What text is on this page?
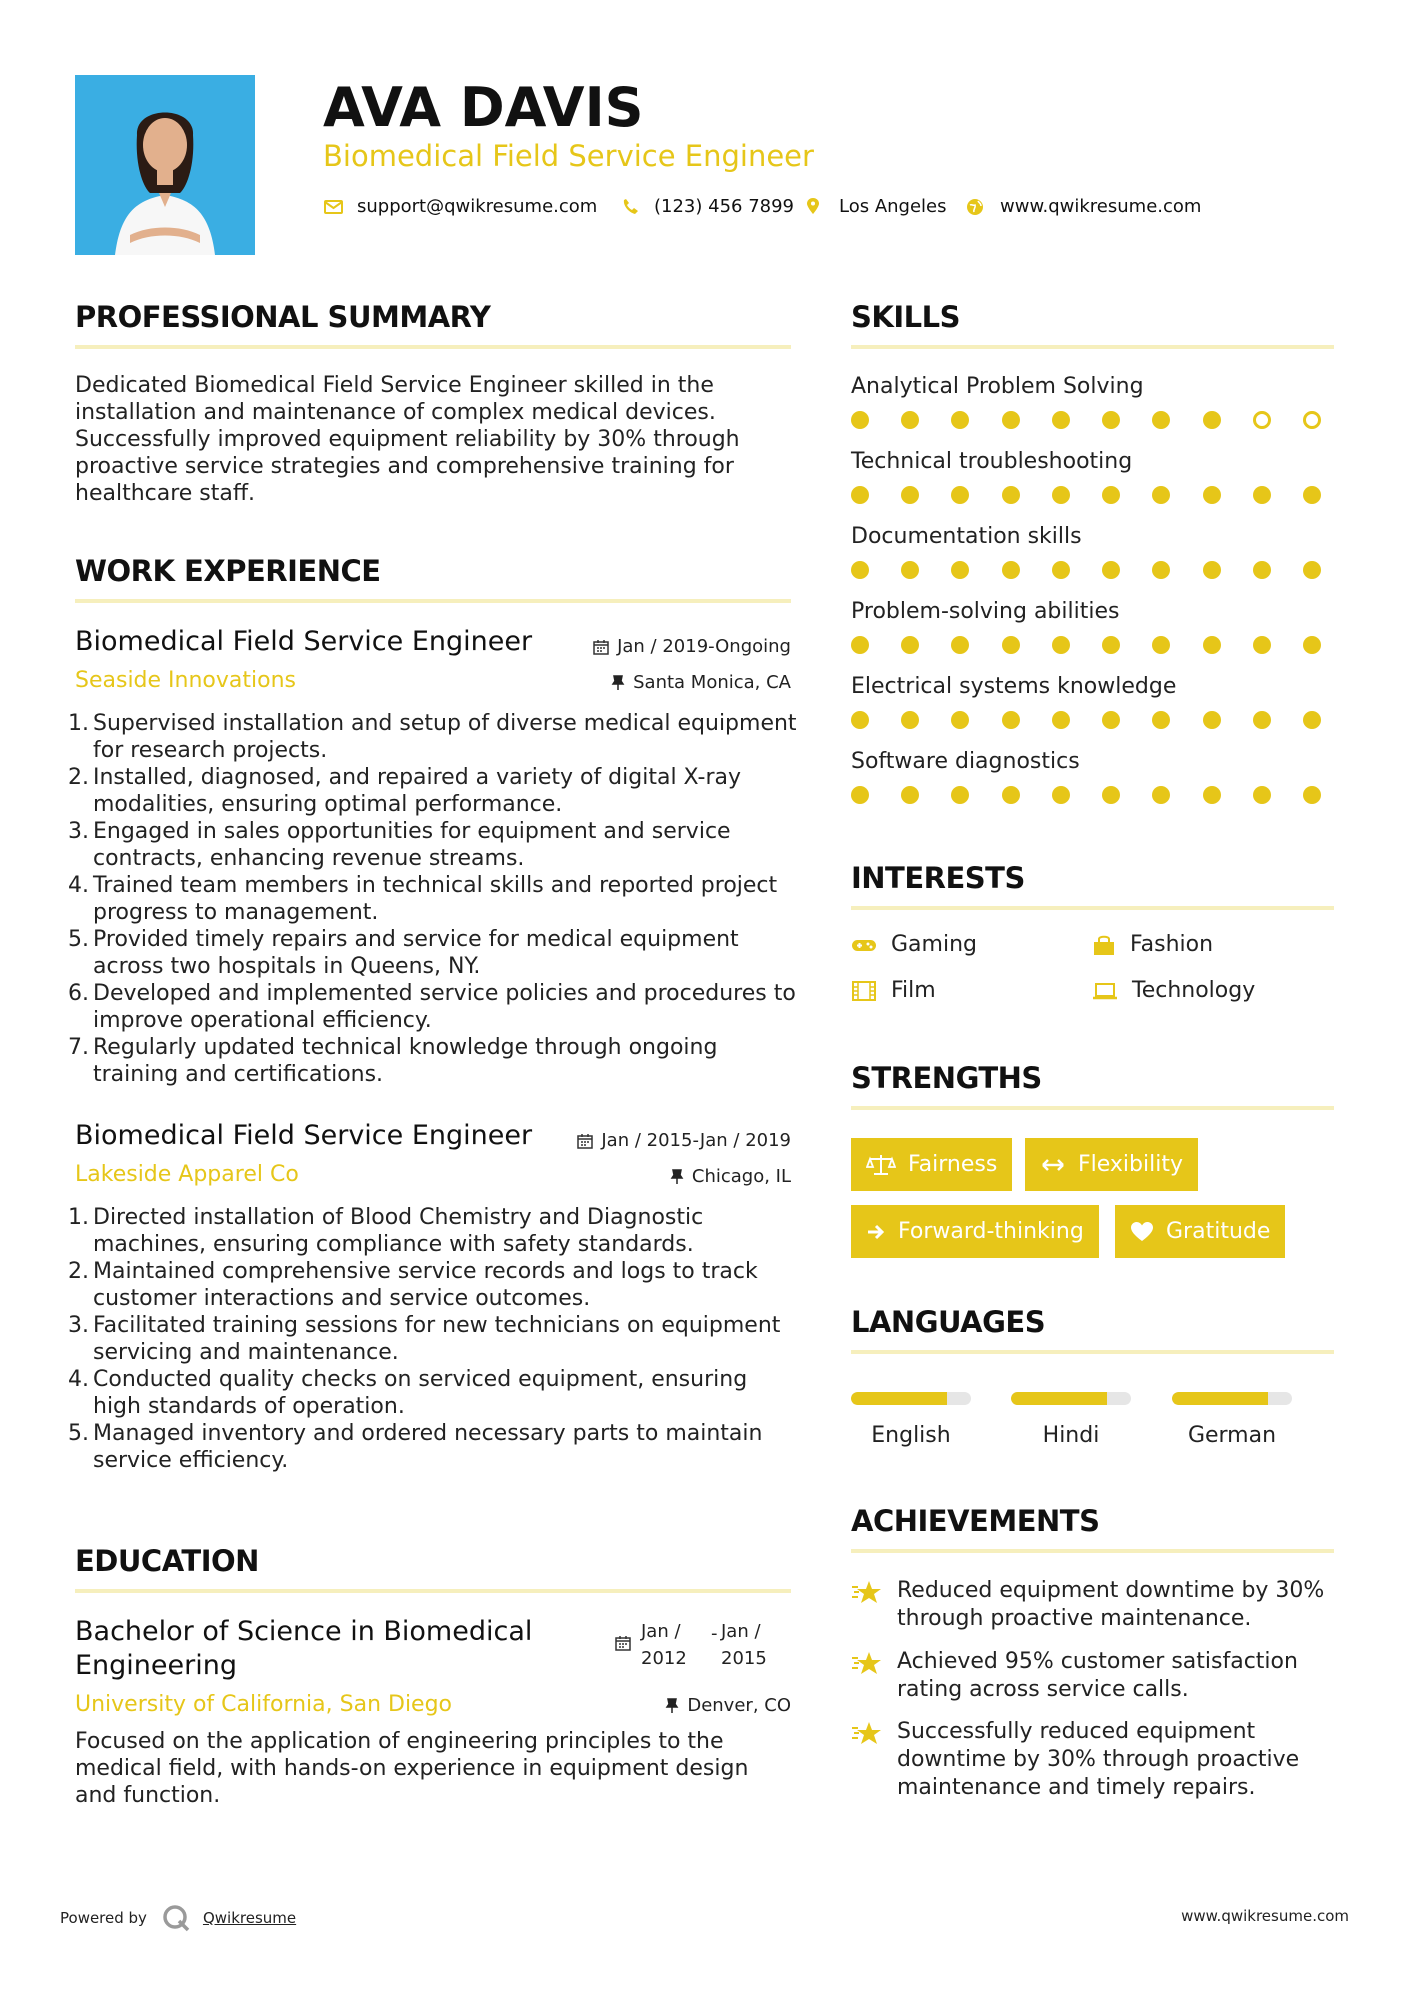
AVA DAVIS
Biomedical Field Service Engineer
support@qwikresume.com	(123) 456 7899 Los Angeles	www.qwikresume.com
PROFESSIONAL SUMMARY
Dedicated Biomedical Field Service Engineer skilled in the installation and maintenance of complex medical devices. Successfully improved equipment reliability by 30% through proactive service strategies and comprehensive training for healthcare staff.
WORK EXPERIENCE
Biomedical Field Service Engineer	Jan / 2019-Ongoing
Seaside Innovations	Santa Monica, CA
1. Supervised installation and setup of diverse medical equipment for research projects.
2. Installed, diagnosed, and repaired a variety of digital X-ray modalities, ensuring optimal performance.
3. Engaged in sales opportunities for equipment and service contracts, enhancing revenue streams.
4. Trained team members in technical skills and reported project progress to management.
5. Provided timely repairs and service for medical equipment across two hospitals in Queens, NY.
6. Developed and implemented service policies and procedures to improve operational efficiency.
7. Regularly updated technical knowledge through ongoing training and certifications.
Biomedical Field Service Engineer	Jan / 2015-Jan / 2019
Lakeside Apparel Co	Chicago, IL
1. Directed installation of Blood Chemistry and Diagnostic machines, ensuring compliance with safety standards.
2. Maintained comprehensive service records and logs to track customer interactions and service outcomes.
3. Facilitated training sessions for new technicians on equipment servicing and maintenance.
4. Conducted quality checks on serviced equipment, ensuring high standards of operation.
5. Managed inventory and ordered necessary parts to maintain service efficiency.
EDUCATION
Bachelor of Science in Biomedical Engineering
Jan / 2012
- Jan / 2015
University of California, San Diego	Denver, CO
Focused on the application of engineering principles to the medical field, with hands-on experience in equipment design and function.
SKILLS
Analytical Problem Solving
Technical troubleshooting
Documentation skills
Problem-solving abilities
Electrical systems knowledge
Software diagnostics
INTERESTS
Gaming	Fashion
Film	Technology
STRENGTHS
Fairness	Flexibility
Forward-thinking	Gratitude
LANGUAGES
English	Hindi	German
ACHIEVEMENTS
Reduced equipment downtime by 30% through proactive maintenance.
Achieved 95% customer satisfaction rating across service calls.
Successfully reduced equipment downtime by 30% through proactive maintenance and timely repairs.
Powered by	Qwikresume	www.qwikresume.com
